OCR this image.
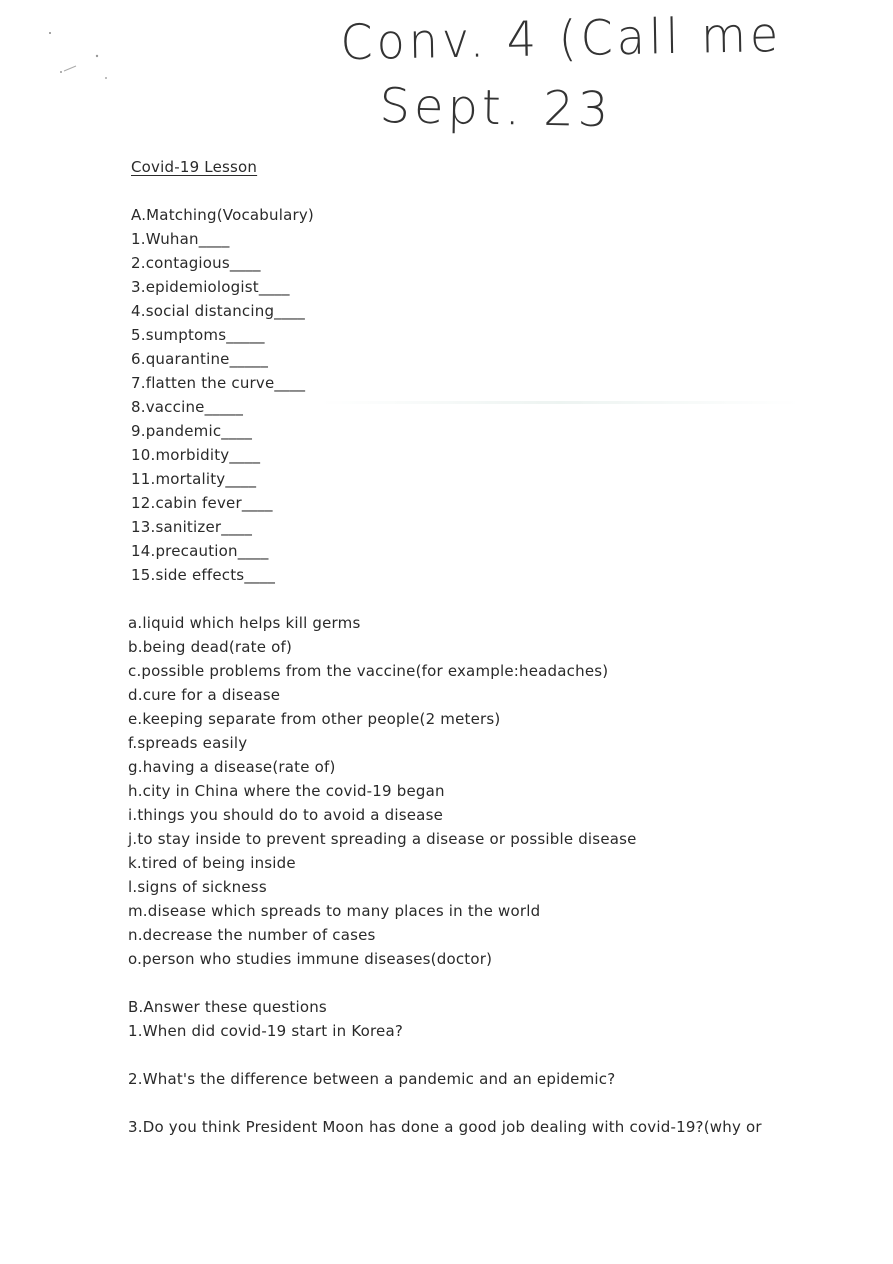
Conv. 4 (Call me
Sept. 23
Covid-19 Lesson
A.Matching(Vocabulary)
1.Wuhan____
2.contagious____
3.epidemiologist____
4.social distancing____
5.sumptoms_____
6.quarantine_____
7.flatten the curve____
8.vaccine_____
9.pandemic____
10.morbidity____
11.mortality____
12.cabin fever____
13.sanitizer____
14.precaution____
15.side effects____
a.liquid which helps kill germs
b.being dead(rate of)
c.possible problems from the vaccine(for example:headaches)
d.cure for a disease
e.keeping separate from other people(2 meters)
f.spreads easily
g.having a disease(rate of)
h.city in China where the covid-19 began
i.things you should do to avoid a disease
j.to stay inside to prevent spreading a disease or possible disease
k.tired of being inside
l.signs of sickness
m.disease which spreads to many places in the world
n.decrease the number of cases
o.person who studies immune diseases(doctor)
B.Answer these questions
1.When did covid-19 start in Korea?
2.What's the difference between a pandemic and an epidemic?
3.Do you think President Moon has done a good job dealing with covid-19?(why or
